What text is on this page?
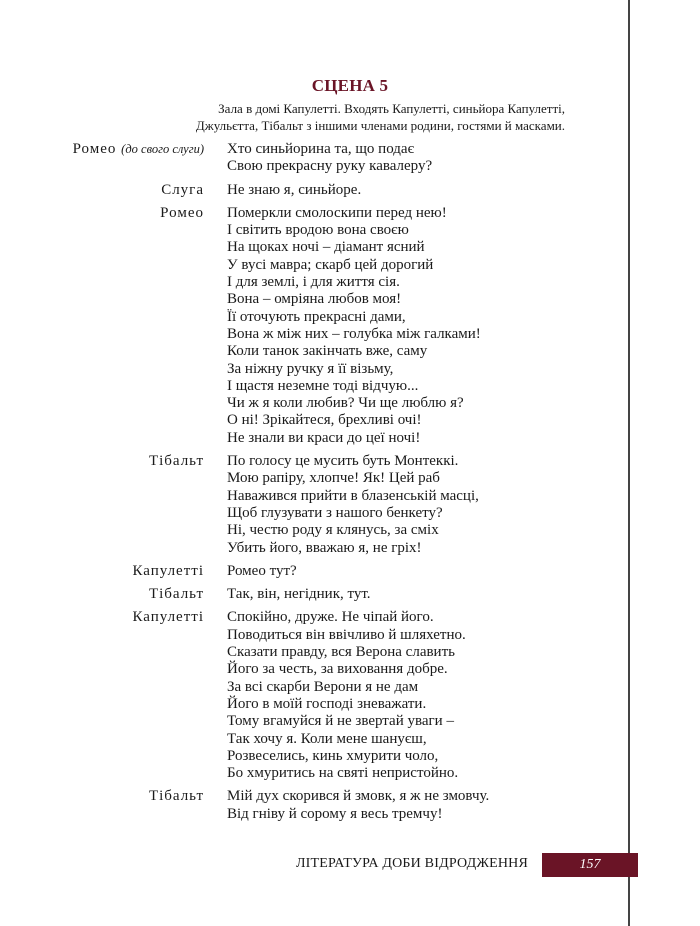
СЦЕНА 5
Зала в домі Капулетті. Входять Капулетті, синьйора Капулетті,
Джульєтта, Тібальт з іншими членами родини, гостями й масками.
Ромео (до свого слуги) Хто синьйорина та, що подає
Свою прекрасну руку кавалеру?
Слуга Не знаю я, синьйоре.
Ромео Померкли смолоскипи перед нею!
І світить вродою вона своєю
На щоках ночі – діамант ясний
У вусі мавра; скарб цей дорогий
І для землі, і для життя сія.
Вона – омріяна любов моя!
Її оточують прекрасні дами,
Вона ж між них – голубка між галками!
Коли танок закінчать вже, саму
За ніжну ручку я її візьму,
І щастя неземне тоді відчую...
Чи ж я коли любив? Чи ще люблю я?
О ні! Зрікайтеся, брехливі очі!
Не знали ви краси до цеї ночі!
Тібальт По голосу це мусить буть Монтеккі.
Мою рапіру, хлопче! Як! Цей раб
Наважився прийти в блазенській масці,
Щоб глузувати з нашого бенкету?
Ні, честю роду я клянусь, за сміх
Убить його, вважаю я, не гріх!
Капулетті Ромео тут?
Тібальт Так, він, негідник, тут.
Капулетті Спокійно, друже. Не чіпай його.
Поводиться він ввічливо й шляхетно.
Сказати правду, вся Верона славить
Його за честь, за виховання добре.
За всі скарби Верони я не дам
Його в моїй господі зневажати.
Тому вгамуйся й не звертай уваги –
Так хочу я. Коли мене шануєш,
Розвеселись, кинь хмурити чоло,
Бо хмуритись на святі непристойно.
Тібальт Мій дух скорився й змовк, я ж не змовчу.
Від гніву й сорому я весь тремчу!
ЛІТЕРАТУРА ДОБИ ВІДРОДЖЕННЯ	157
